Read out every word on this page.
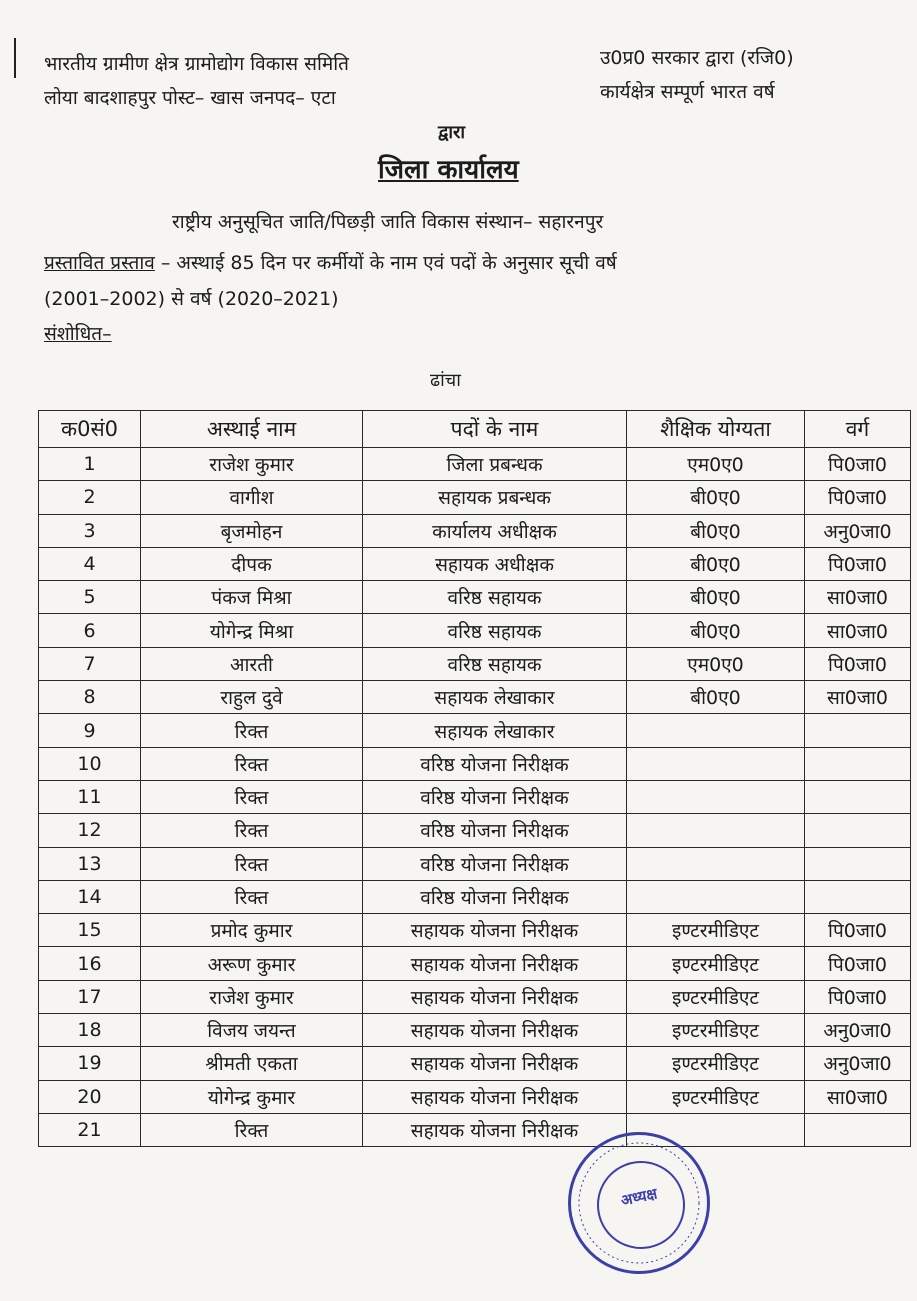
भारतीय ग्रामीण क्षेत्र ग्रामोद्योग विकास समिति
लोया बादशाहपुर पोस्ट– खास जनपद– एटा
उ0प्र0 सरकार द्वारा (रजि0)
कार्यक्षेत्र सम्पूर्ण भारत वर्ष
द्वारा
जिला कार्यालय
राष्ट्रीय अनुसूचित जाति/पिछड़ी जाति विकास संस्थान– सहारनपुर
प्रस्तावित प्रस्ताव – अस्थाई 85 दिन पर कर्मीयों के नाम एवं पदों के अनुसार सूची वर्ष
(2001–2002) से वर्ष (2020–2021)
संशोधित–
ढांचा
क0सं0	अस्थाई नाम	पदों के नाम	शैक्षिक योग्यता	वर्ग
1	राजेश कुमार	जिला प्रबन्धक	एम0ए0	पि0जा0
2	वागीश	सहायक प्रबन्धक	बी0ए0	पि0जा0
3	बृजमोहन	कार्यालय अधीक्षक	बी0ए0	अनु0जा0
4	दीपक	सहायक अधीक्षक	बी0ए0	पि0जा0
5	पंकज मिश्रा	वरिष्ठ सहायक	बी0ए0	सा0जा0
6	योगेन्द्र मिश्रा	वरिष्ठ सहायक	बी0ए0	सा0जा0
7	आरती	वरिष्ठ सहायक	एम0ए0	पि0जा0
8	राहुल दुवे	सहायक लेखाकार	बी0ए0	सा0जा0
9	रिक्त	सहायक लेखाकार		
10	रिक्त	वरिष्ठ योजना निरीक्षक		
11	रिक्त	वरिष्ठ योजना निरीक्षक		
12	रिक्त	वरिष्ठ योजना निरीक्षक		
13	रिक्त	वरिष्ठ योजना निरीक्षक		
14	रिक्त	वरिष्ठ योजना निरीक्षक		
15	प्रमोद कुमार	सहायक योजना निरीक्षक	इण्टरमीडिएट	पि0जा0
16	अरूण कुमार	सहायक योजना निरीक्षक	इण्टरमीडिएट	पि0जा0
17	राजेश कुमार	सहायक योजना निरीक्षक	इण्टरमीडिएट	पि0जा0
18	विजय जयन्त	सहायक योजना निरीक्षक	इण्टरमीडिएट	अनु0जा0
19	श्रीमती एकता	सहायक योजना निरीक्षक	इण्टरमीडिएट	अनु0जा0
20	योगेन्द्र कुमार	सहायक योजना निरीक्षक	इण्टरमीडिएट	सा0जा0
21	रिक्त	सहायक योजना निरीक्षक		
अध्यक्ष
